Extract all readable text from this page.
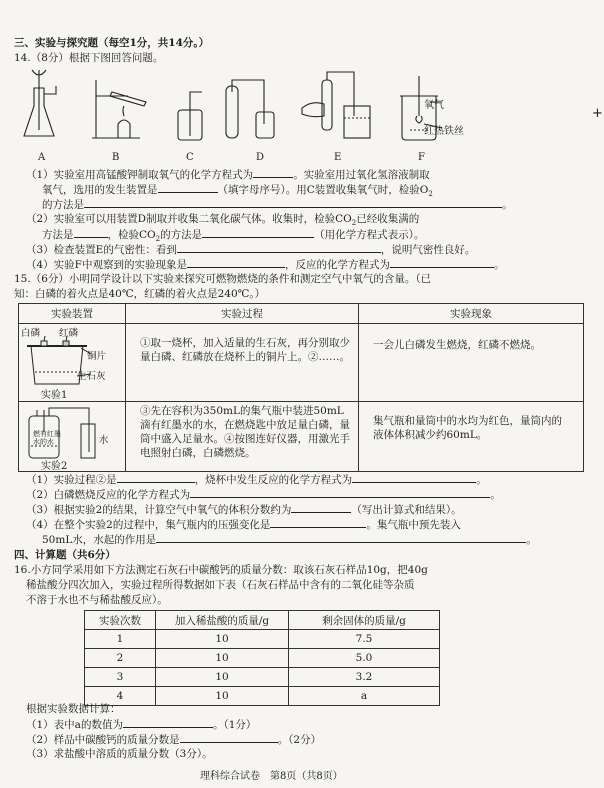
三、实验与探究题（每空1分，共14分。）
14.（8分）根据下图回答问题。
氧气
红热铁丝
A	B	C	D	E	F
+
（1）实验室用高锰酸钾制取氧气的化学方程式为	。实验室用过氧化氢溶液制取
氧气，选用的发生装置是	（填字母序号）。用C装置收集氧气时，检验$O_2$
的方法是	。
（2）实验室可以用装置D制取并收集二氧化碳气体。收集时，检验$CO_2$已经收集满的
方法是	，检验$CO_2$的方法是	（用化学方程式表示）。
（3）检查装置E的气密性：看到	，说明气密性良好。
（4）实验F中观察到的实验现象是	，反应的化学方程式为	。
15.（6分）小明同学设计以下实验来探究可燃物燃烧的条件和测定空气中氧气的含量。（已
知：白磷的着火点是40℃，红磷的着火点是240℃。）
实验装置	实验过程	实验现象

白磷 红磷
铜片
生石灰
实验1	①取一烧杯，加入适量的生石灰，再分别取少量白磷、红磷放在烧杯上的铜片上。②……。	一会儿白磷发生燃烧，红磷不燃烧。

燃有红墨水的水 水
实验2	③先在容积为350mL的集气瓶中装进50mL滴有红墨水的水，在燃烧匙中放足量白磷，量筒中盛入足量水。④按图连好仪器，用激光手电照射白磷，白磷燃烧。	集气瓶和量筒中的水均为红色，量筒内的液体体积减少约60mL。
（1）实验过程②是	，烧杯中发生反应的化学方程式为	。
（2）白磷燃烧反应的化学方程式为	。
（3）根据实验2的结果，计算空气中氧气的体积分数约为	（写出计算式和结果）。
（4）在整个实验2的过程中，集气瓶内的压强变化是	。集气瓶中预先装入
50mL水，水起的作用是	。
四、计算题（共6分）
16.小方同学采用如下方法测定石灰石中碳酸钙的质量分数：取该石灰石样品10g，把40g
稀盐酸分四次加入，实验过程所得数据如下表（石灰石样品中含有的二氧化硅等杂质
不溶于水也不与稀盐酸反应）。
实验次数	加入稀盐酸的质量/g	剩余固体的质量/g
1	10	7.5
2	10	5.0
3	10	3.2
4	10	a
根据实验数据计算：
（1）表中a的数值为	。（1分）
（2）样品中碳酸钙的质量分数是	。（2分）
（3）求盐酸中溶质的质量分数（3分）。
理科综合试卷　第8页（共8页）
